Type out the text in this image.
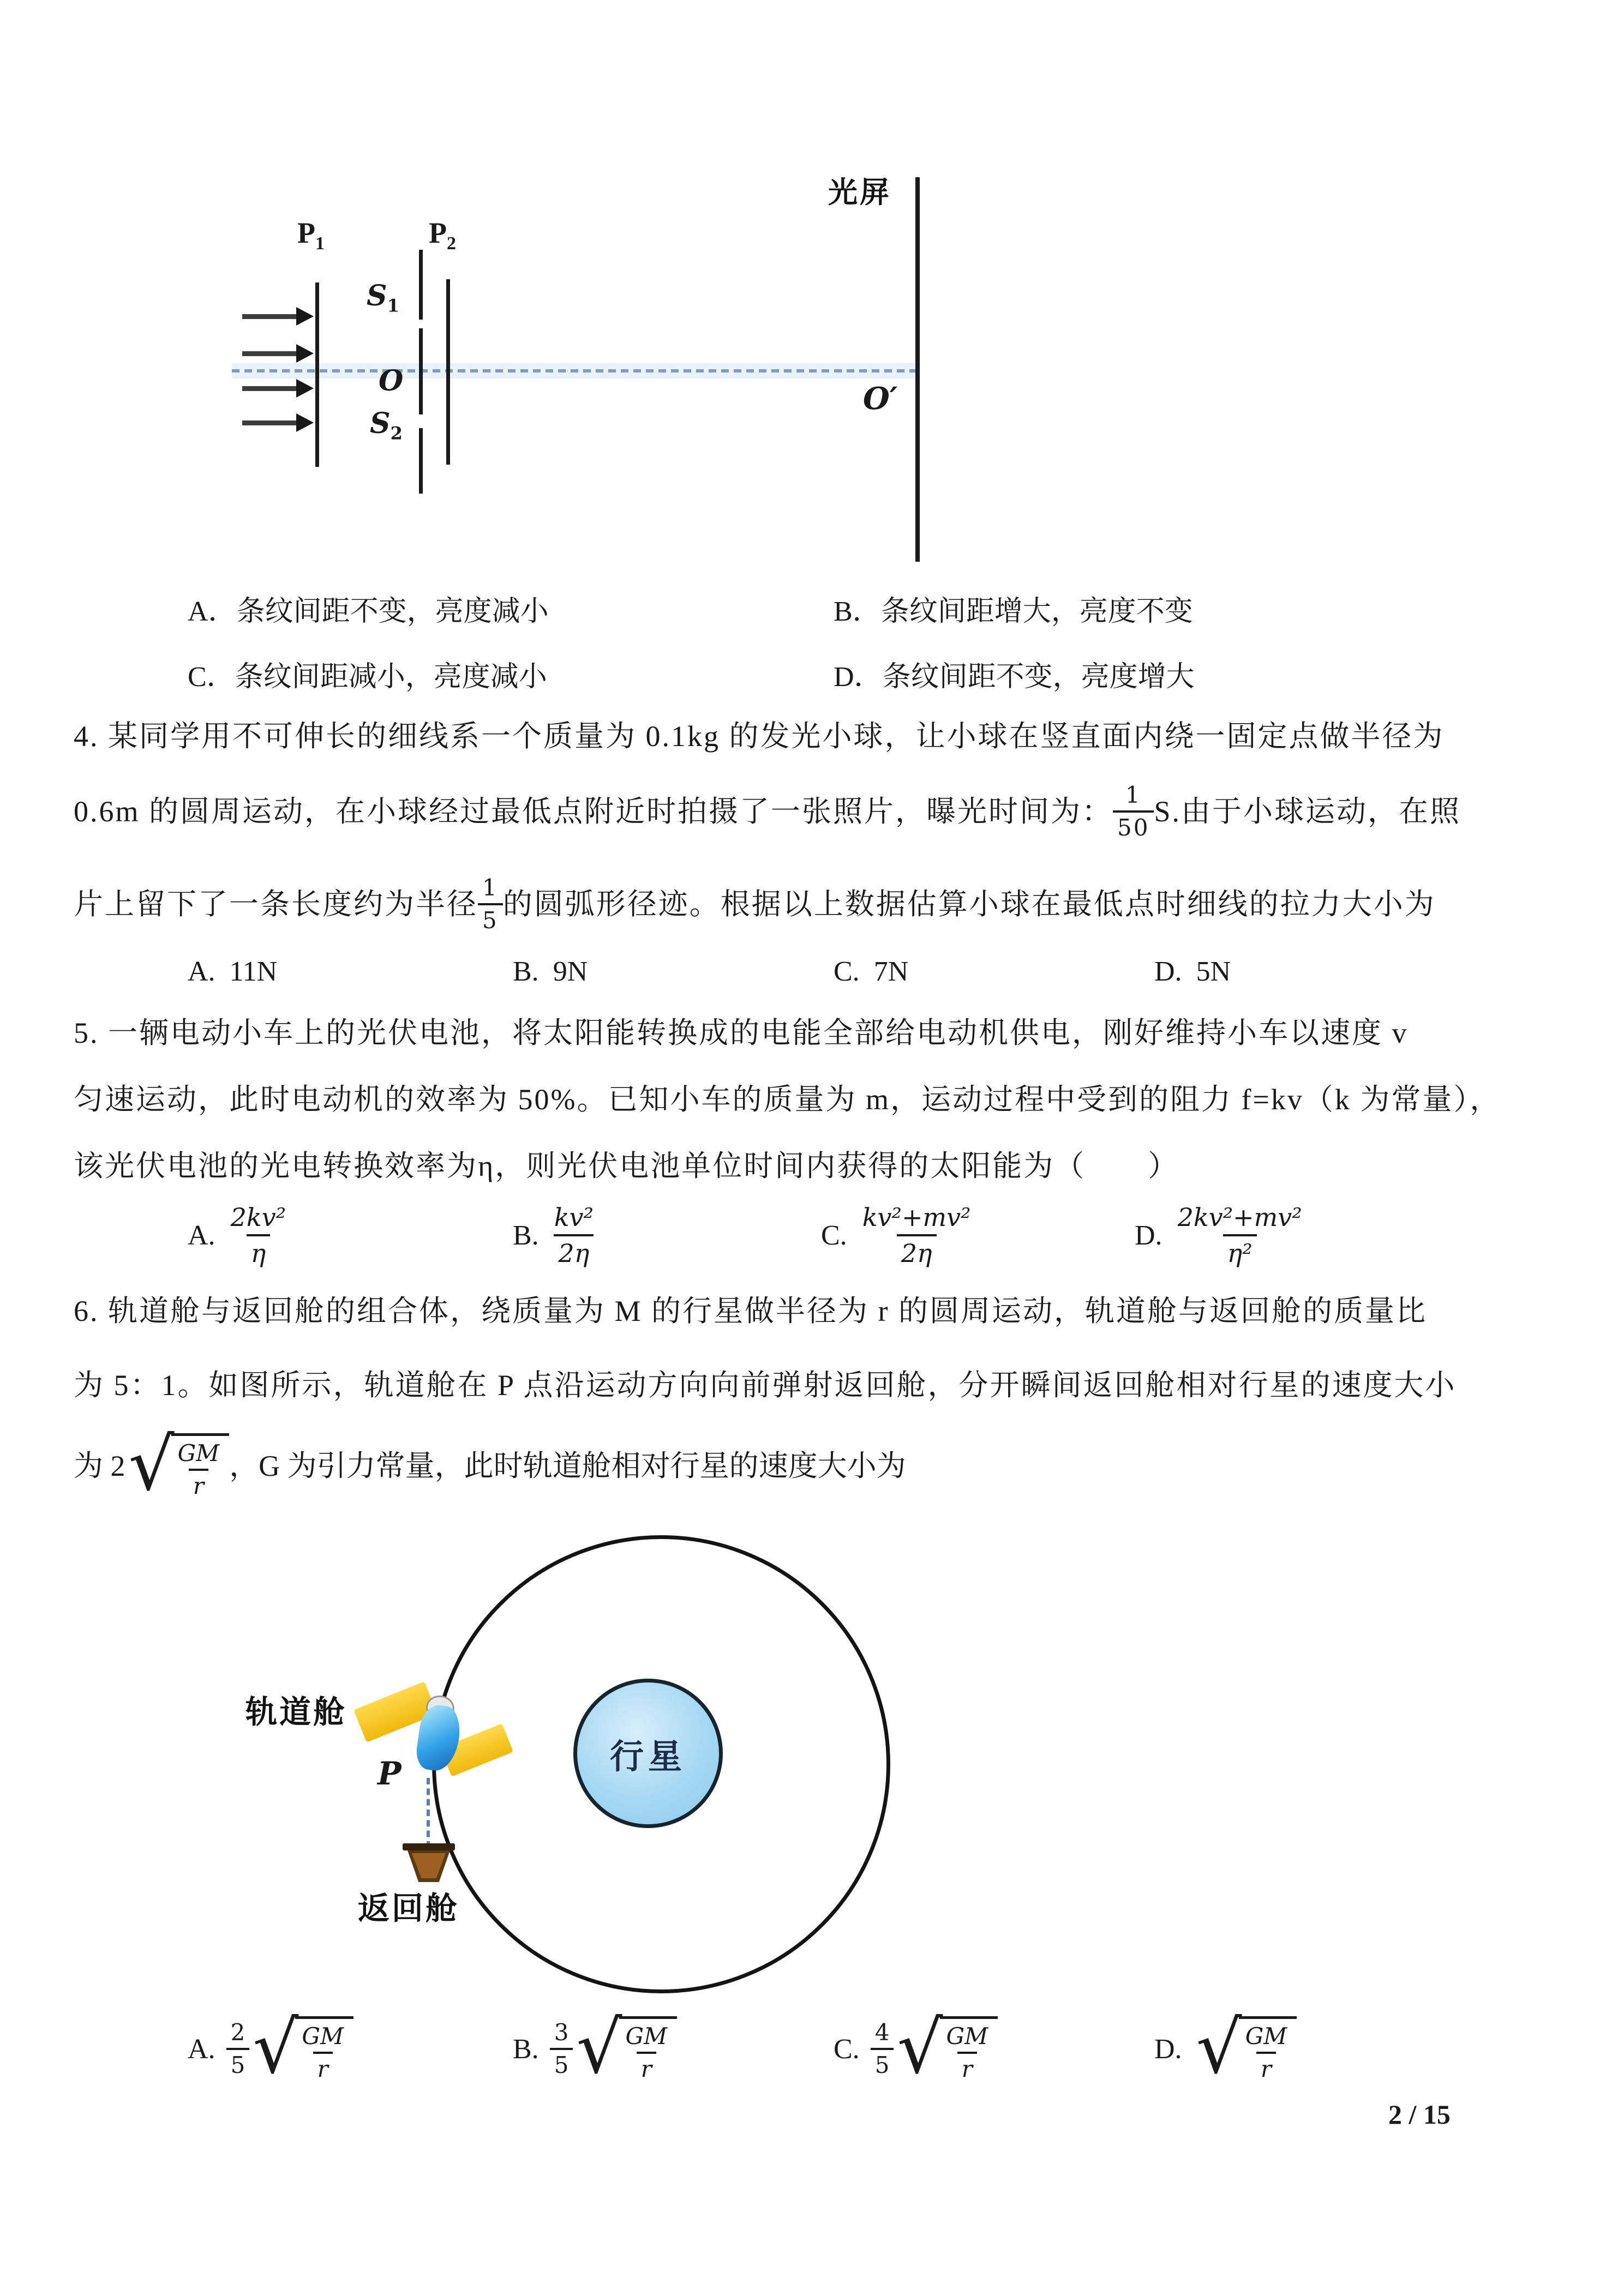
$P_1$
$S_1$
O
$S_2$
$P_2$
光屏
O′
A．条纹间距不变，亮度减小	B．条纹间距增大，亮度不变
C．条纹间距减小，亮度减小	D．条纹间距不变，亮度增大
4. 某同学用不可伸长的细线系一个质量为 0.1kg 的发光小球，让小球在竖直面内绕一固定点做半径为
0.6m 的圆周运动，在小球经过最低点附近时拍摄了一张照片，曝光时间为： $\frac{1}{50} S$.由于小球运动，在照
片上留下了一条长度约为半径 $\frac{1}{5}$ 的圆弧形径迹。根据以上数据估算小球在最低点时细线的拉力大小为
A. 11N	B. 9N	C. 7N	D. 5N
5. 一辆电动小车上的光伏电池，将太阳能转换成的电能全部给电动机供电，刚好维持小车以速度 v
匀速运动，此时电动机的效率为 50%。已知小车的质量为 m，运动过程中受到的阻力 f=kv（k 为常量），
该光伏电池的光电转换效率为η，则光伏电池单位时间内获得的太阳能为（　　）
A. $\frac{\text{2kv²}}{\eta}$	B. $\frac{\text{kv²}}{2\eta}$	C. $\frac{\text{kv²+mv²}}{2\eta}$	D. $\frac{\text{2kv²+mv²}}{\text{η²}}$
6. 轨道舱与返回舱的组合体，绕质量为 M 的行星做半径为 r 的圆周运动，轨道舱与返回舱的质量比
为 5：1。如图所示，轨道舱在 P 点沿运动方向向前弹射返回舱，分开瞬间返回舱相对行星的速度大小
为 2 √
$\frac{GM}{r}$ ，G 为引力常量，此时轨道舱相对行星的速度大小为
行星
轨道舱
P
返回舱
A. $\frac{2}{5}$ √
$\frac{GM}{r}$	B. $\frac{3}{5}$ √
$\frac{GM}{r}$	C. $\frac{4}{5}$ √
$\frac{GM}{r}$	D. √
$\frac{GM}{r}$
2 / 15
